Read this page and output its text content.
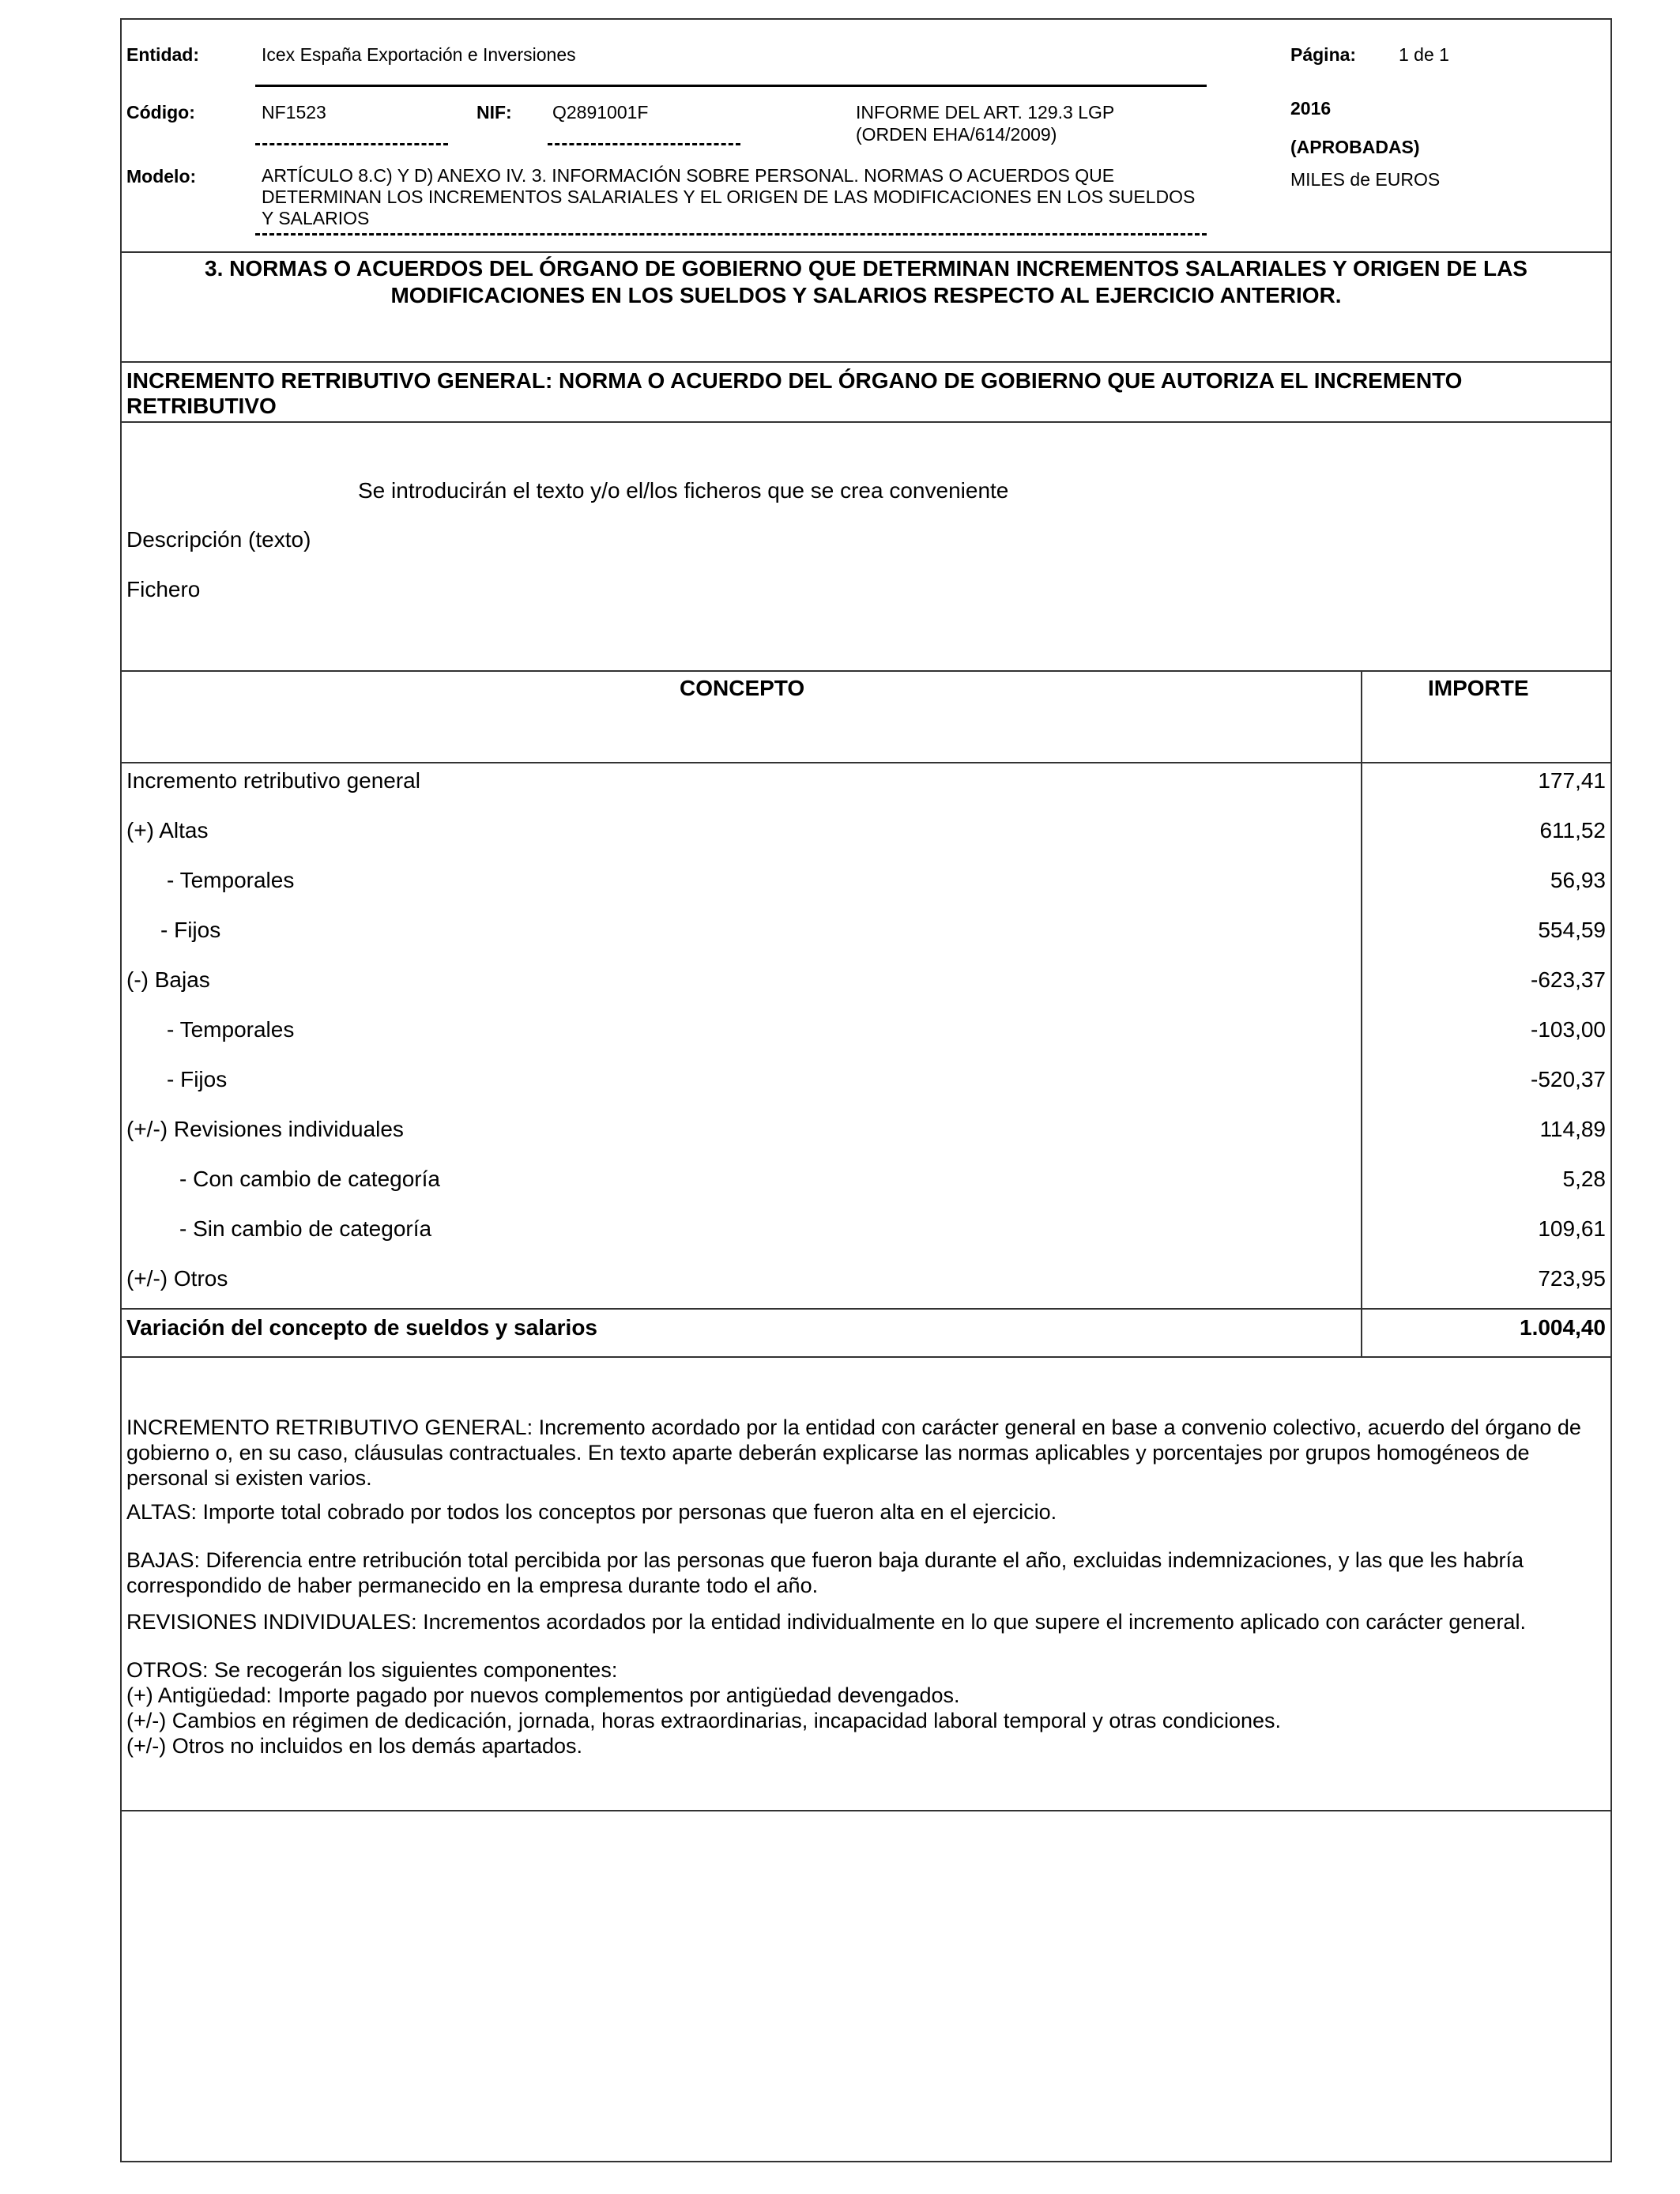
Entidad:	Icex España Exportación e Inversiones	Página: 1 de 1
Código:	NF1523	NIF: Q2891001F	INFORME DEL ART. 129.3 LGP
(ORDEN EHA/614/2009)
2016
(APROBADAS)
MILES de EUROS
Modelo:	ARTÍCULO 8.C) Y D) ANEXO IV. 3. INFORMACIÓN SOBRE PERSONAL. NORMAS O ACUERDOS QUE DETERMINAN LOS INCREMENTOS SALARIALES Y EL ORIGEN DE LAS MODIFICACIONES EN LOS SUELDOS Y SALARIOS
3. NORMAS O ACUERDOS DEL ÓRGANO DE GOBIERNO QUE DETERMINAN INCREMENTOS SALARIALES Y ORIGEN DE LAS MODIFICACIONES EN LOS SUELDOS Y SALARIOS RESPECTO AL EJERCICIO ANTERIOR.
INCREMENTO RETRIBUTIVO GENERAL: NORMA O ACUERDO DEL ÓRGANO DE GOBIERNO QUE AUTORIZA EL INCREMENTO RETRIBUTIVO
Se introducirán el texto y/o el/los ficheros que se crea conveniente
Descripción (texto)
Fichero
CONCEPTO	IMPORTE
Incremento retributivo general	177,41
(+) Altas	611,52
- Temporales	56,93
- Fijos	554,59
(-) Bajas	-623,37
- Temporales	-103,00
- Fijos	-520,37
(+/-) Revisiones individuales	114,89
- Con cambio de categoría	5,28
- Sin cambio de categoría	109,61
(+/-) Otros	723,95
Variación del concepto de sueldos y salarios	1.004,40
INCREMENTO RETRIBUTIVO GENERAL: Incremento acordado por la entidad con carácter general en base a convenio colectivo, acuerdo del órgano de gobierno o, en su caso, cláusulas contractuales. En texto aparte deberán explicarse las normas aplicables y porcentajes por grupos homogéneos de personal si existen varios.
ALTAS: Importe total cobrado por todos los conceptos por personas que fueron alta en el ejercicio.
BAJAS: Diferencia entre retribución total percibida por las personas que fueron baja durante el año, excluidas indemnizaciones, y las que les habría correspondido de haber permanecido en la empresa durante todo el año.
REVISIONES INDIVIDUALES: Incrementos acordados por la entidad individualmente en lo que supere el incremento aplicado con carácter general.
OTROS: Se recogerán los siguientes componentes:
(+) Antigüedad: Importe pagado por nuevos complementos por antigüedad devengados.
(+/-) Cambios en régimen de dedicación, jornada, horas extraordinarias, incapacidad laboral temporal y otras condiciones.
(+/-) Otros no incluidos en los demás apartados.
